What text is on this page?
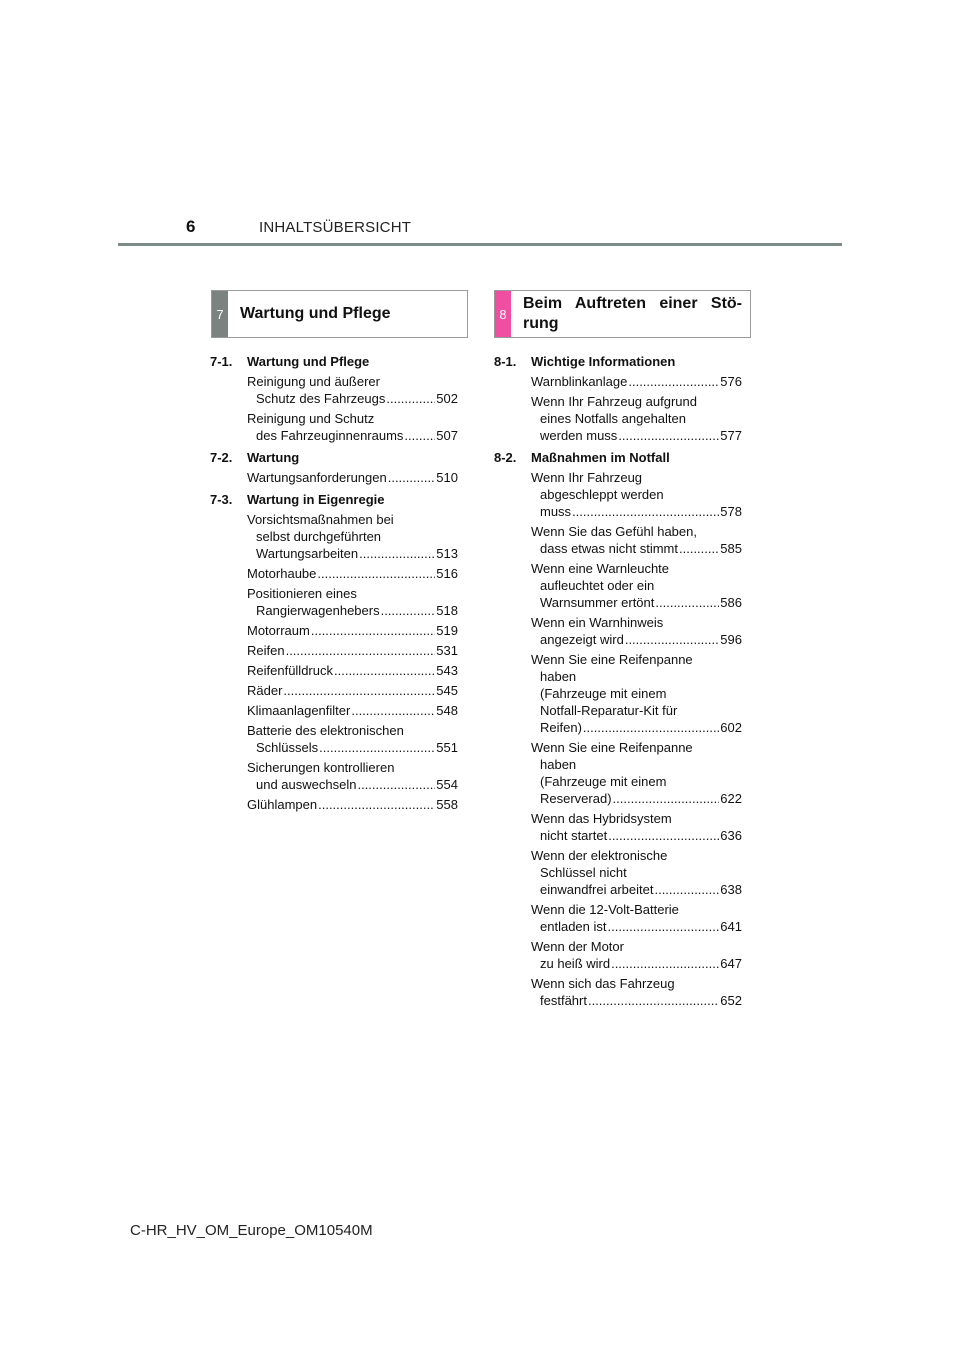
6	INHALTSÜBERSICHT
7 Wartung und Pflege	8
Beim Auftreten einer Stö-rung
7-1.	Wartung und Pflege
Reinigung und äußerer
Schutz des Fahrzeugs .....	502
Reinigung und Schutz
des Fahrzeuginnenraums .....	507
7-2.	Wartung
Wartungsanforderungen .....	510
7-3.	Wartung in Eigenregie
Vorsichtsmaßnahmen bei
selbst durchgeführten
Wartungsarbeiten .....	513
Motorhaube .....	516
Positionieren eines
Rangierwagenhebers .....	518
Motorraum .....	519
Reifen .....	531
Reifenfülldruck .....	543
Räder .....	545
Klimaanlagenfilter .....	548
Batterie des elektronischen
Schlüssels .....	551
Sicherungen kontrollieren
und auswechseln .....	554
Glühlampen .....	558
8-1.	Wichtige Informationen
Warnblinkanlage .....	576
Wenn Ihr Fahrzeug aufgrund
eines Notfalls angehalten
werden muss .....	577
8-2.	Maßnahmen im Notfall
Wenn Ihr Fahrzeug
abgeschleppt werden
muss .....	578
Wenn Sie das Gefühl haben,
dass etwas nicht stimmt .....	585
Wenn eine Warnleuchte
aufleuchtet oder ein
Warnsummer ertönt .....	586
Wenn ein Warnhinweis
angezeigt wird .....	596
Wenn Sie eine Reifenpanne
haben
(Fahrzeuge mit einem
Notfall-Reparatur-Kit für
Reifen) .....	602
Wenn Sie eine Reifenpanne
haben
(Fahrzeuge mit einem
Reserverad) .....	622
Wenn das Hybridsystem
nicht startet .....	636
Wenn der elektronische
Schlüssel nicht
einwandfrei arbeitet .....	638
Wenn die 12-Volt-Batterie
entladen ist .....	641
Wenn der Motor
zu heiß wird .....	647
Wenn sich das Fahrzeug
festfährt .....	652
C-HR_HV_OM_Europe_OM10540M
